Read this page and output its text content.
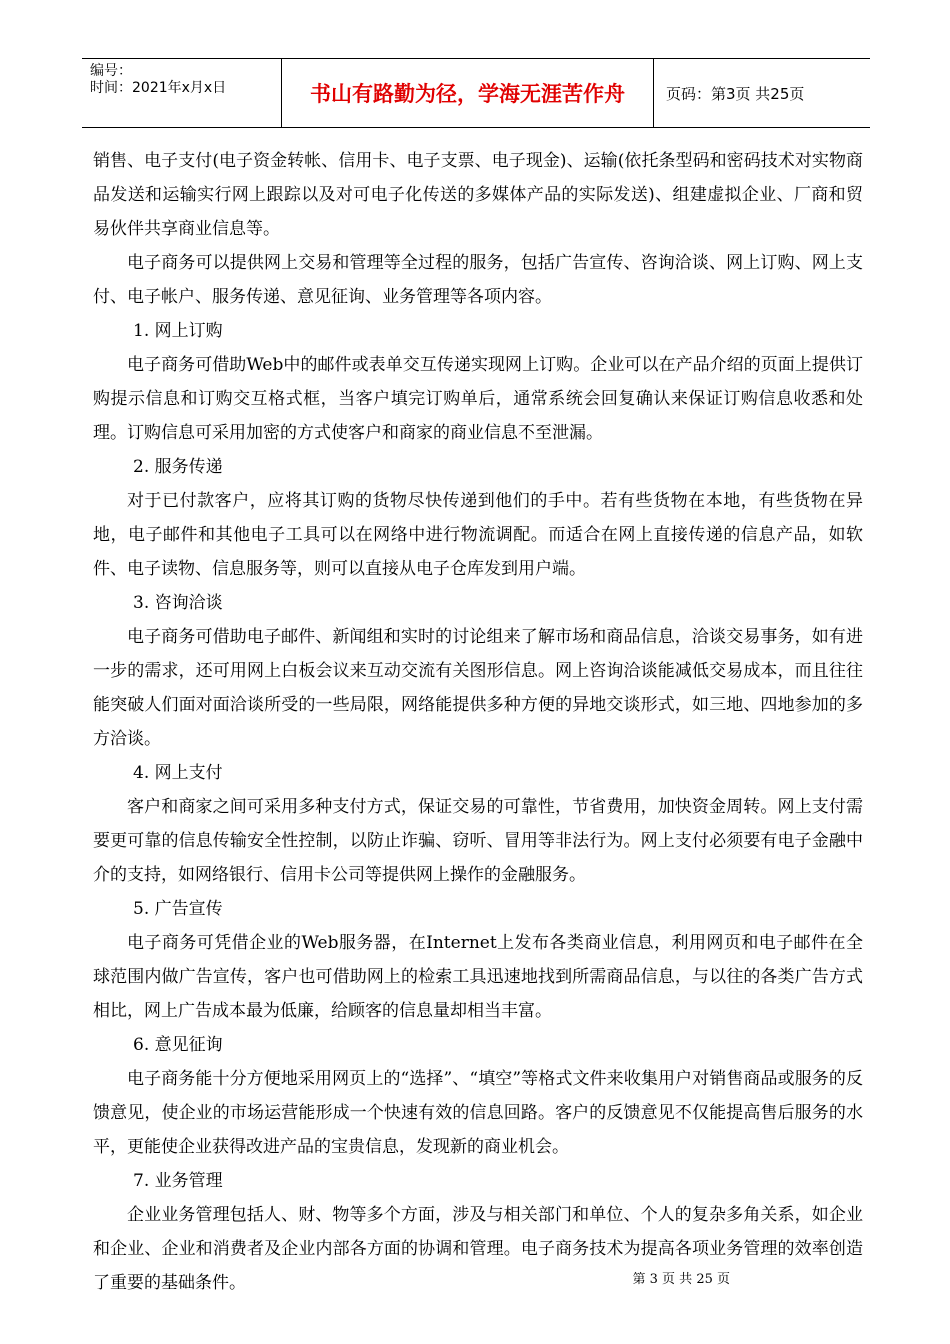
编号：
时间：2021年x月x日	书山有路勤为径，学海无涯苦作舟	页码：第3页 共25页

销售、电子支付(电子资金转帐、信用卡、电子支票、电子现金)、运输(依托条型码和密码技术对实物商品发送和运输实行网上跟踪以及对可电子化传送的多媒体产品的实际发送)、组建虚拟企业、厂商和贸易伙伴共享商业信息等。

电子商务可以提供网上交易和管理等全过程的服务，包括广告宣传、咨询洽谈、网上订购、网上支付、电子帐户、服务传递、意见征询、业务管理等各项内容。

1. 网上订购

电子商务可借助Web中的邮件或表单交互传递实现网上订购。企业可以在产品介绍的页面上提供订购提示信息和订购交互格式框，当客户填完订购单后，通常系统会回复确认来保证订购信息收悉和处理。订购信息可采用加密的方式使客户和商家的商业信息不至泄漏。

2. 服务传递

对于已付款客户，应将其订购的货物尽快传递到他们的手中。若有些货物在本地，有些货物在异地，电子邮件和其他电子工具可以在网络中进行物流调配。而适合在网上直接传递的信息产品，如软件、电子读物、信息服务等，则可以直接从电子仓库发到用户端。

3. 咨询洽谈

电子商务可借助电子邮件、新闻组和实时的讨论组来了解市场和商品信息，洽谈交易事务，如有进一步的需求，还可用网上白板会议来互动交流有关图形信息。网上咨询洽谈能减低交易成本，而且往往能突破人们面对面洽谈所受的一些局限，网络能提供多种方便的异地交谈形式，如三地、四地参加的多方洽谈。

4. 网上支付

客户和商家之间可采用多种支付方式，保证交易的可靠性，节省费用，加快资金周转。网上支付需要更可靠的信息传输安全性控制，以防止诈骗、窃听、冒用等非法行为。网上支付必须要有电子金融中介的支持，如网络银行、信用卡公司等提供网上操作的金融服务。

5. 广告宣传

电子商务可凭借企业的Web服务器，在Internet上发布各类商业信息，利用网页和电子邮件在全球范围内做广告宣传，客户也可借助网上的检索工具迅速地找到所需商品信息，与以往的各类广告方式相比，网上广告成本最为低廉，给顾客的信息量却相当丰富。

6. 意见征询

电子商务能十分方便地采用网页上的“选择”、“填空”等格式文件来收集用户对销售商品或服务的反馈意见，使企业的市场运营能形成一个快速有效的信息回路。客户的反馈意见不仅能提高售后服务的水平，更能使企业获得改进产品的宝贵信息，发现新的商业机会。

7. 业务管理

企业业务管理包括人、财、物等多个方面，涉及与相关部门和单位、个人的复杂多角关系，如企业和企业、企业和消费者及企业内部各方面的协调和管理。电子商务技术为提高各项业务管理的效率创造了重要的基础条件。	第 3 页 共 25 页
